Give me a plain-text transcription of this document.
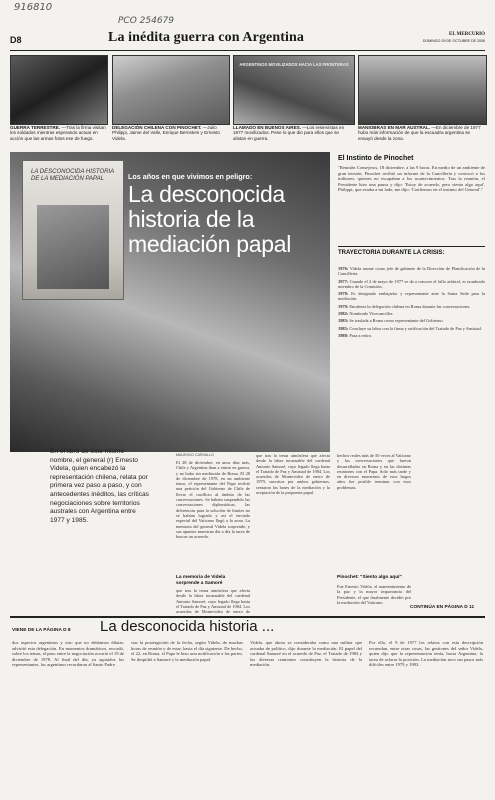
916810
PCO 254679
D8	La inédita guerra con Argentina	EL MERCURIO
DOMINGO 29 DE OCTUBRE DE 2006
GUERRA TERRESTRE. —Tras la firma visitan los soldados mientras esperando actuar en acción que las armas fotos ese de fuego.
DELEGACIÓN CHILENA CON PINOCHET. —Julio Philippi, Jaime del Valle, Enrique Bernstein y Ernesto Videla.
ARGENTINOS MOVILIZADOS HACIA LAS FRONTERAS
LLAMADO EN BUENOS AIRES. —Los reservistas en 1977 movilizados. Pese lo que dio para ellos que se alistan en guerra.
MANIOBRAS EN MAR AUSTRAL. —En diciembre de 1977 hubo más información de que la escuadra argentina se ensayó desde la zona.
LA DESCONOCIDA HISTORIA DE LA MEDIACIÓN PAPAL	Los años en que vivimos en peligro:
La desconocida
historia de la
mediación papal
En el libro de este mismo nombre, el general (r) Ernesto Videla, quien encabezó la representación chilena, relata por primera vez paso a paso, y con antecedentes inéditos, las críticas negociaciones sobre territorios australes con Argentina entre 1977 y 1985.
MAURICIO CARVALLO
El 28 de diciembre, en unos días más, Chile y Argentina iban a entrar en guerra, y no hubo sin mediación de Roma. El 28 de diciembre de 1978, en un ambiente tenso, el representante del Papa recibió una petición del Gobierno de Chile de llevar el conflicto al ámbito de las conversaciones. Se habían suspendido las conversaciones diplomáticas, las diferencias para la solución de límites no se habían logrado y así el enviado especial del Vaticano llegó a la zona. La memoria del general Videla sorprende, y sus apuntes muestran día a día la tarea de buscar un acuerdo.
La memoria de Videla sorprende a Samoré
que tras la tensa atmósfera que afecta desde la labor incansable del cardenal Antonio Samoré, cuyo legado llega hasta el Tratado de Paz y Amistad de 1984. Los acuerdos de Montevideo de enero de
que tras la tensa atmósfera que afecta desde la labor incansable del cardenal Antonio Samoré, cuyo legado llega hasta el Tratado de Paz y Amistad de 1984. Los acuerdos de Montevideo de enero de 1979, suscritos por ambos gobiernos, sentaron las bases de la mediación y la aceptación de la propuesta papal.
hechos reales más de 50 veces al Vaticano y las conversaciones que fueron desarrolladas en Roma y en las distintas reuniones con el Papa. Solo más tarde y en diversos momentos de esos largos años fue posible terminar con esos problemas.
Pinochet: "Siento algo aquí"
Fue Ernesto Videla, el mantenimiento de la paz y la mayor importancia del Presidente, el que finalmente decidió por la mediación del Vaticano.
CONTINÚA EN PÁGINA D 11
El Instinto de Pinochet
"Reunión Consejeros, 18 diciembre, a las 9 horas. En medio de un ambiente de gran tensión, Pinochet recibió un informe de la Cancillería y convocó a los militares, quienes no escapaban a los acontecimientos. Tras la reunión, el Presidente hizo una pausa y dijo: 'Estoy de acuerdo, pero siento algo aquí'. Philippi, que estaba a mi lado, me dijo: 'Confiemos en el instinto del General'."
TRAYECTORIA DURANTE LA CRISIS:
1976: Videla asume como jefe de gabinete de la Dirección de Planificación de la Cancillería.
1977: Cuando el 2 de mayo de 1977 se da a conocer el fallo arbitral, es nombrado miembro de la Comisión.
1978: Es designado embajador y representante ante la Santa Sede para la mediación.
1979: Encabeza la delegación chilena en Roma durante las conversaciones.
1982: Nombrado Vicecanciller.
1983: Se traslada a Roma como representante del Gobierno.
1985: Concluye su labor con la firma y ratificación del Tratado de Paz y Amistad.
1988: Pasa a retiro.
VIENE DE LA PÁGINA D 8 La desconocida historia ...
dos aspectos argentinos y otro que no debíamos dilatar, advirtió esta delegación. En momentos dramáticos, recordó, sobre los temas, el paso entre la negociación ocurrió el 19 de diciembre de 1978. Al final del día, ya agotados los representantes, los argentinos recordaron al Santo Padre.
ciar la postergación de la fecha, según Videla, de muchas horas de reunión y de estar, hasta el día siguiente. De hecho, el 22, en Roma, el Papa le hizo una notificación a las partes. Se despidió a Samoré y la mediación papal.
Videla, que ahora se consideraba como una militar que actuaba de político, dijo durante la mediación. El papel del cardenal Samoré en el acuerdo de Paz, el Tratado de 1984 y las diversas reuniones constituyen la historia de la mediación.
Por ello, el 9 de 1977 los relatos con esta descripción recuerdan, entre otras cosas, las gestiones del señor Videla, quien dijo que la representación tenía, hacia Argentina, la tarea de aclarar la posición. La mediación tuvo sus pasos más difíciles entre 1979 y 1983.
